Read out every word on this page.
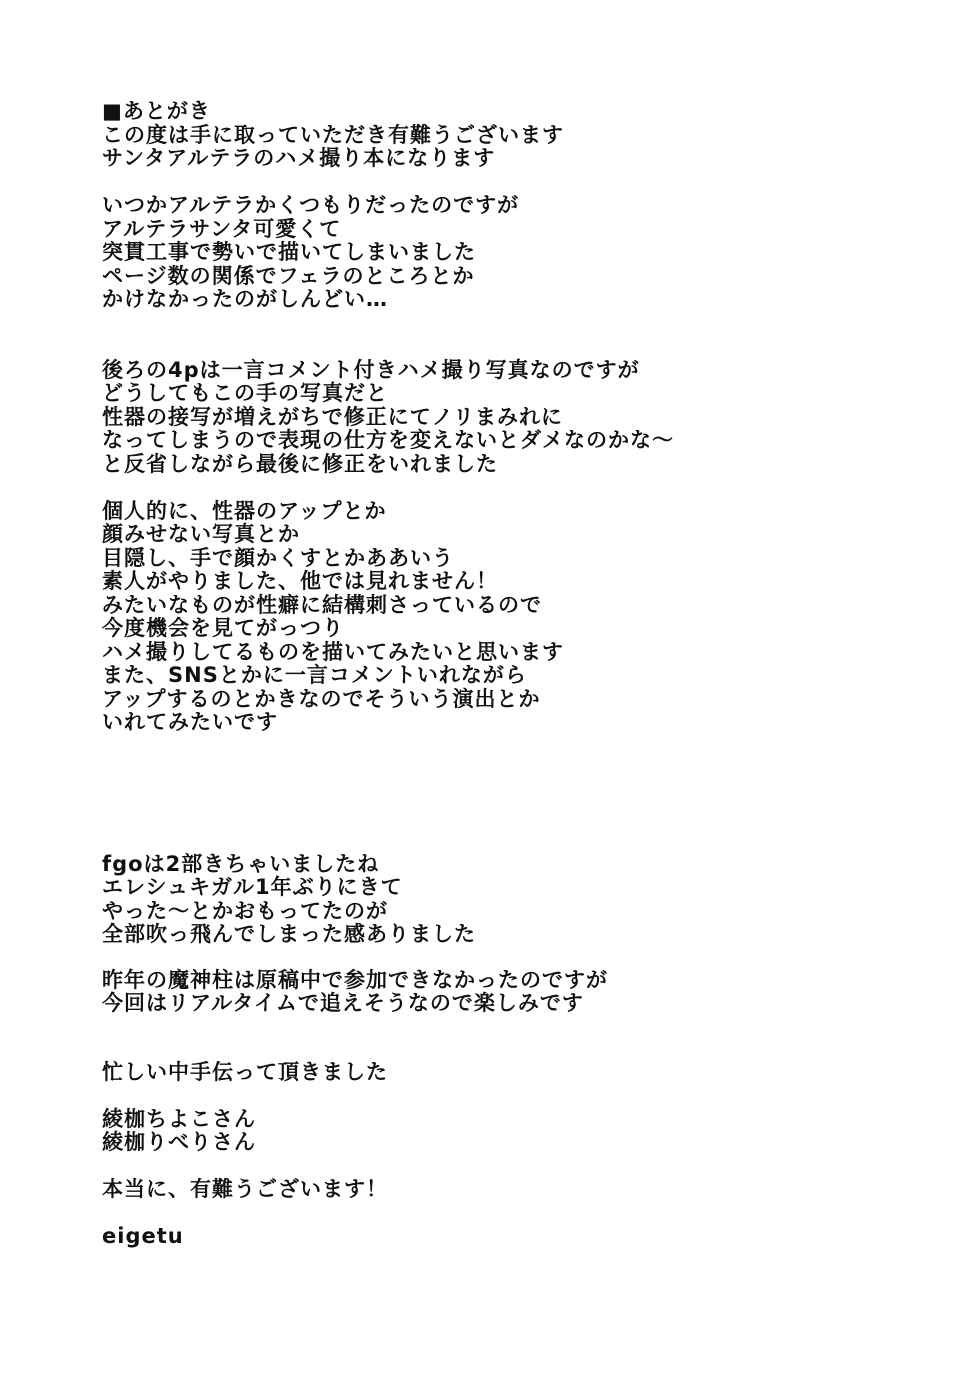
■あとがき
この度は手に取っていただき有難うございます
サンタアルテラのハメ撮り本になります
いつかアルテラかくつもりだったのですが
アルテラサンタ可愛くて
突貫工事で勢いで描いてしまいました
ページ数の関係でフェラのところとか
かけなかったのがしんどい…
後ろの4pは一言コメント付きハメ撮り写真なのですが
どうしてもこの手の写真だと
性器の接写が増えがちで修正にてノリまみれに
なってしまうので表現の仕方を変えないとダメなのかな〜
と反省しながら最後に修正をいれました
個人的に、性器のアップとか
顔みせない写真とか
目隠し、手で顔かくすとかああいう
素人がやりました、他では見れません！
みたいなものが性癖に結構刺さっているので
今度機会を見てがっつり
ハメ撮りしてるものを描いてみたいと思います
また、SNSとかに一言コメントいれながら
アップするのとかきなのでそういう演出とか
いれてみたいです
fgoは2部きちゃいましたね
エレシュキガル1年ぶりにきて
やった〜とかおもってたのが
全部吹っ飛んでしまった感ありました
昨年の魔神柱は原稿中で参加できなかったのですが
今回はリアルタイムで追えそうなので楽しみです
忙しい中手伝って頂きました
綾枷ちよこさん
綾枷りべりさん
本当に、有難うございます！
eigetu
